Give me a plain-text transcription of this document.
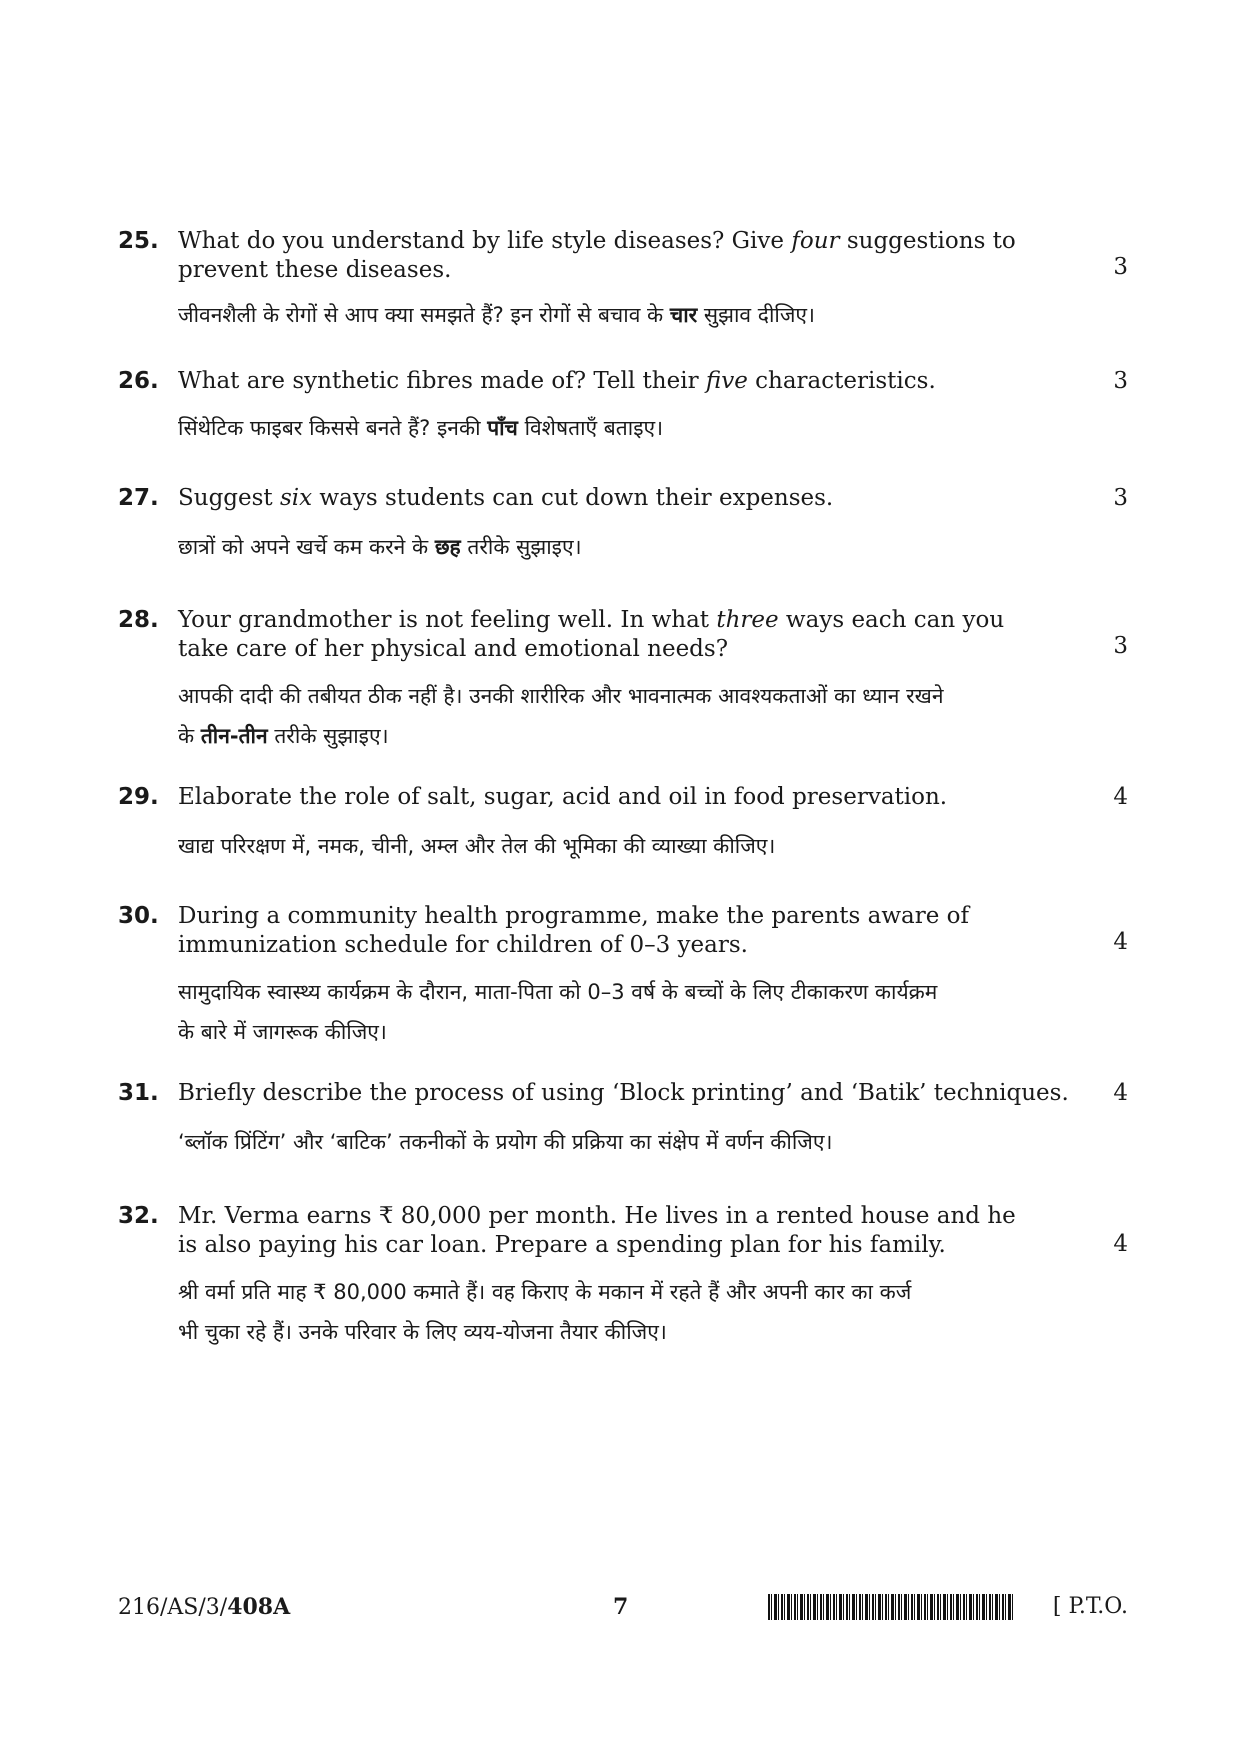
25. What do you understand by life style diseases? Give four suggestions to
prevent these diseases.

जीवनशैली के रोगों से आप क्या समझते हैं? इन रोगों से बचाव के चार सुझाव दीजिए।

3
26. What are synthetic fibres made of? Tell their five characteristics.

सिंथेटिक फाइबर किससे बनते हैं? इनकी पाँच विशेषताएँ बताइए।

3
27. Suggest six ways students can cut down their expenses.

छात्रों को अपने खर्चे कम करने के छह तरीके सुझाइए।

3
28. Your grandmother is not feeling well. In what three ways each can you
take care of her physical and emotional needs?

आपकी दादी की तबीयत ठीक नहीं है। उनकी शारीरिक और भावनात्मक आवश्यकताओं का ध्यान रखने
के तीन-तीन तरीके सुझाइए।

3
29. Elaborate the role of salt, sugar, acid and oil in food preservation.

खाद्य परिरक्षण में, नमक, चीनी, अम्ल और तेल की भूमिका की व्याख्या कीजिए।

4
30. During a community health programme, make the parents aware of
immunization schedule for children of 0–3 years.

सामुदायिक स्वास्थ्य कार्यक्रम के दौरान, माता-पिता को 0–3 वर्ष के बच्चों के लिए टीकाकरण कार्यक्रम
के बारे में जागरूक कीजिए।

4
31. Briefly describe the process of using ‘Block printing’ and ‘Batik’ techniques.

‘ब्लॉक प्रिंटिंग’ और ‘बाटिक’ तकनीकों के प्रयोग की प्रक्रिया का संक्षेप में वर्णन कीजिए।

4
32. Mr. Verma earns ₹ 80,000 per month. He lives in a rented house and he
is also paying his car loan. Prepare a spending plan for his family.

श्री वर्मा प्रति माह ₹ 80,000 कमाते हैं। वह किराए के मकान में रहते हैं और अपनी कार का कर्ज
भी चुका रहे हैं। उनके परिवार के लिए व्यय-योजना तैयार कीजिए।

4
216/AS/3/408A	7	[ P.T.O.
